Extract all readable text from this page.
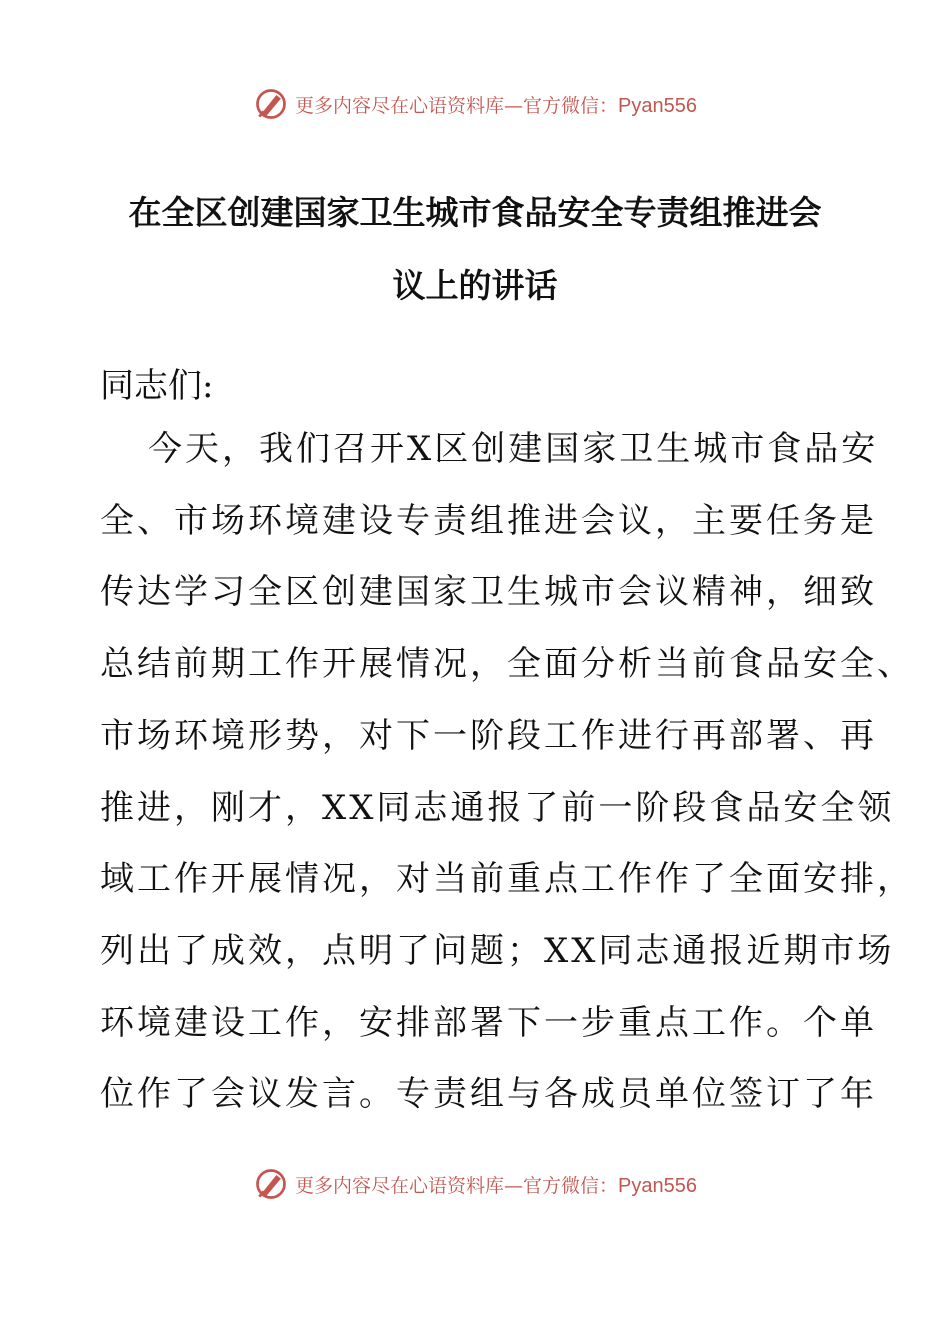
更多内容尽在心语资料库—官方微信：Pyan556
在全区创建国家卫生城市食品安全专责组推进会
议上的讲话
同志们:
今天，我们召开X区创建国家卫生城市食品安
全、市场环境建设专责组推进会议，主要任务是
传达学习全区创建国家卫生城市会议精神，细致
总结前期工作开展情况，全面分析当前食品安全、
市场环境形势，对下一阶段工作进行再部署、再
推进，刚才，XX同志通报了前一阶段食品安全领
域工作开展情况，对当前重点工作作了全面安排，
列出了成效，点明了问题；XX同志通报近期市场
环境建设工作，安排部署下一步重点工作。个单
位作了会议发言。专责组与各成员单位签订了年
更多内容尽在心语资料库—官方微信：Pyan556
